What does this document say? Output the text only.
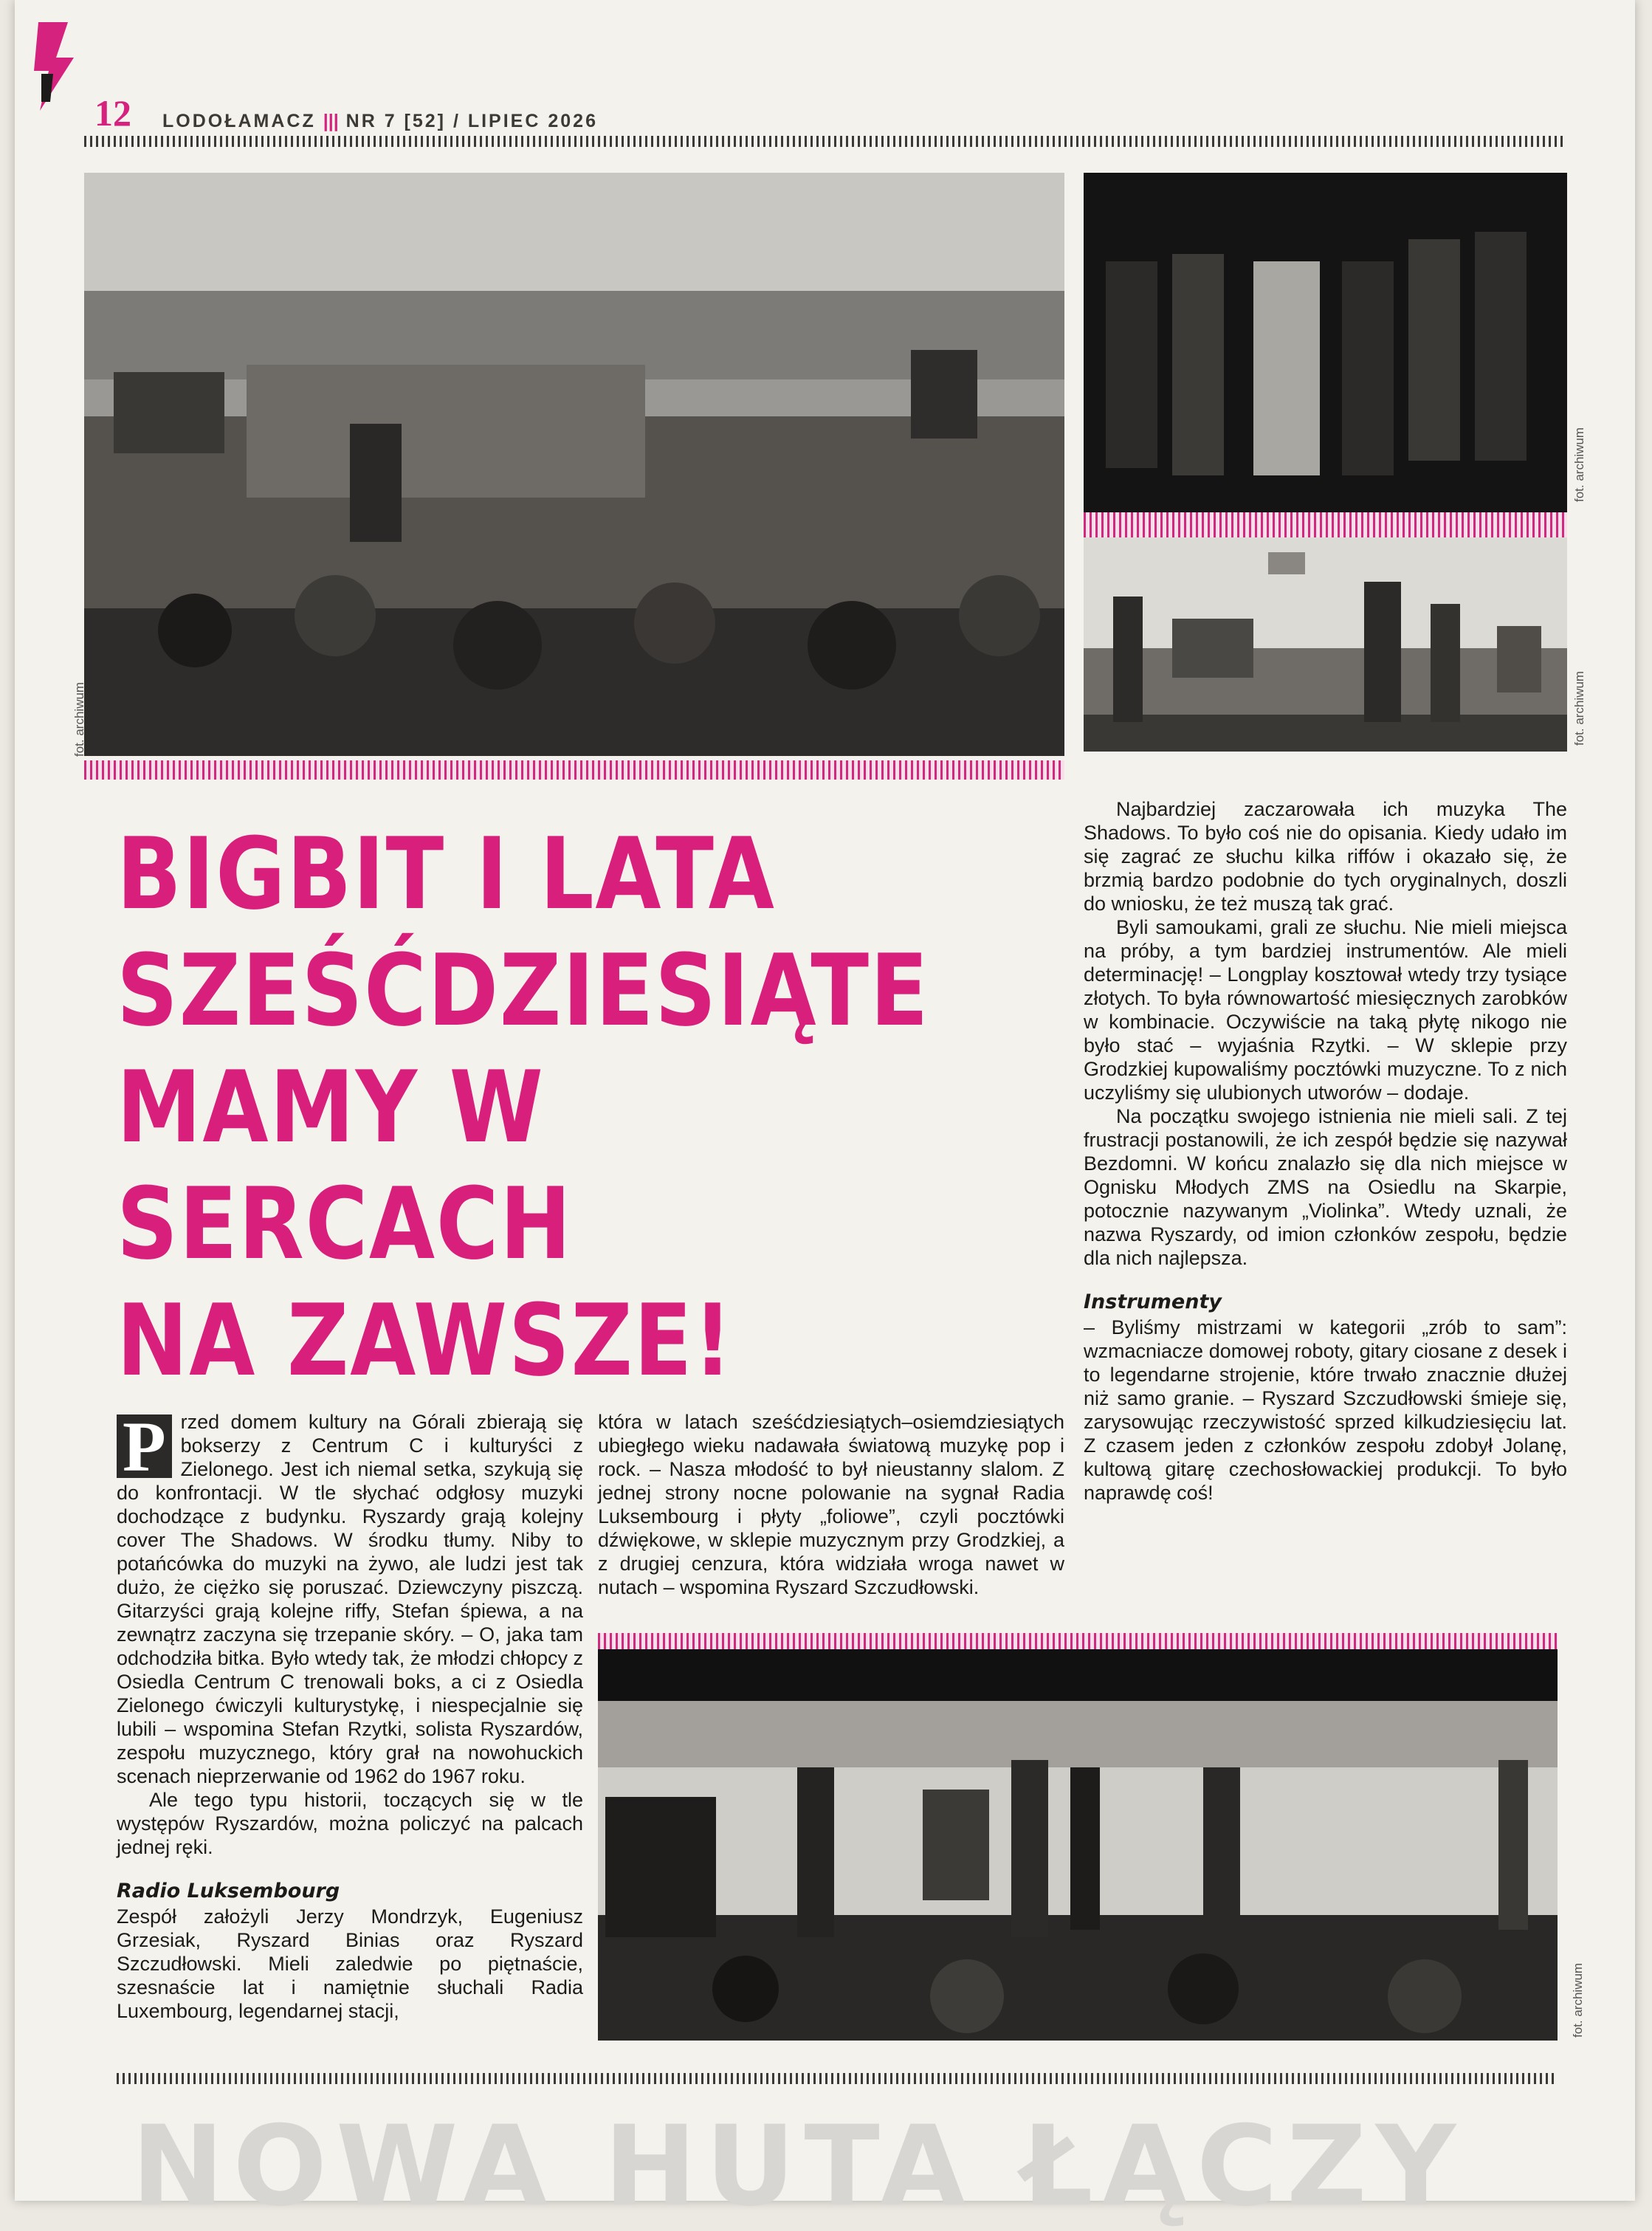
12 LODOŁAMACZ ||| NR 7 [52] / LIPIEC 2026
fot. archiwum
fot. archiwum
fot. archiwum
BIGBIT I LATA
SZEŚĆDZIESIĄTE
MAMY W SERCACH
NA ZAWSZE!

P rzed domem kultury na Górali zbierają się bokserzy z Centrum C i kulturyści z Zielonego. Jest ich niemal setka, szykują się do konfrontacji. W tle słychać odgłosy muzyki dochodzące z budynku. Ryszardy grają kolejny cover The Shadows. W środku tłumy. Niby to potańcówka do muzyki na żywo, ale ludzi jest tak dużo, że ciężko się poruszać. Dziewczyny piszczą. Gitarzyści grają kolejne riffy, Stefan śpiewa, a na zewnątrz zaczyna się trzepanie skóry. – O, jaka tam odchodziła bitka. Było wtedy tak, że młodzi chłopcy z Osiedla Centrum C trenowali boks, a ci z Osiedla Zielonego ćwiczyli kulturystykę, i niespecjalnie się lubili – wspomina Stefan Rzytki, solista Ryszardów, zespołu muzycznego, który grał na nowohuckich scenach nieprzerwanie od 1962 do 1967 roku.

Ale tego typu historii, toczących się w tle występów Ryszardów, można policzyć na palcach jednej ręki.

Radio Luksembourg

Zespół założyli Jerzy Mondrzyk, Eugeniusz Grzesiak, Ryszard Binias oraz Ryszard Szczudłowski. Mieli zaledwie po piętnaście, szesnaście lat i namiętnie słuchali Radia Luxembourg, legendarnej stacji,

która w latach sześćdziesiątych–osiemdziesiątych ubiegłego wieku nadawała światową muzykę pop i rock. – Nasza młodość to był nieustanny slalom. Z jednej strony nocne polowanie na sygnał Radia Luksembourg i płyty „foliowe”, czyli pocztówki dźwiękowe, w sklepie muzycznym przy Grodzkiej, a z drugiej cenzura, która widziała wroga nawet w nutach – wspomina Ryszard Szczudłowski.

Najbardziej zaczarowała ich muzyka The Shadows. To było coś nie do opisania. Kiedy udało im się zagrać ze słuchu kilka riffów i okazało się, że brzmią bardzo podobnie do tych oryginalnych, doszli do wniosku, że też muszą tak grać.

Byli samoukami, grali ze słuchu. Nie mieli miejsca na próby, a tym bardziej instrumentów. Ale mieli determinację! – Longplay kosztował wtedy trzy tysiące złotych. To była równowartość miesięcznych zarobków w kombinacie. Oczywiście na taką płytę nikogo nie było stać – wyjaśnia Rzytki. – W sklepie przy Grodzkiej kupowaliśmy pocztówki muzyczne. To z nich uczyliśmy się ulubionych utworów – dodaje.

Na początku swojego istnienia nie mieli sali. Z tej frustracji postanowili, że ich zespół będzie się nazywał Bezdomni. W końcu znalazło się dla nich miejsce w Ognisku Młodych ZMS na Osiedlu na Skarpie, potocznie nazywanym „Violinka”. Wtedy uznali, że nazwa Ryszardy, od imion członków zespołu, będzie dla nich najlepsza.

Instrumenty

– Byliśmy mistrzami w kategorii „zrób to sam”: wzmacniacze domowej roboty, gitary ciosane z desek i to legendarne strojenie, które trwało znacznie dłużej niż samo granie. – Ryszard Szczudłowski śmieje się, zarysowując rzeczywistość sprzed kilkudziesięciu lat. Z czasem jeden z członków zespołu zdobył Jolanę, kultową gitarę czechosłowackiej produkcji. To było naprawdę coś!

fot. archiwum
NOWA HUTA ŁĄCZY
